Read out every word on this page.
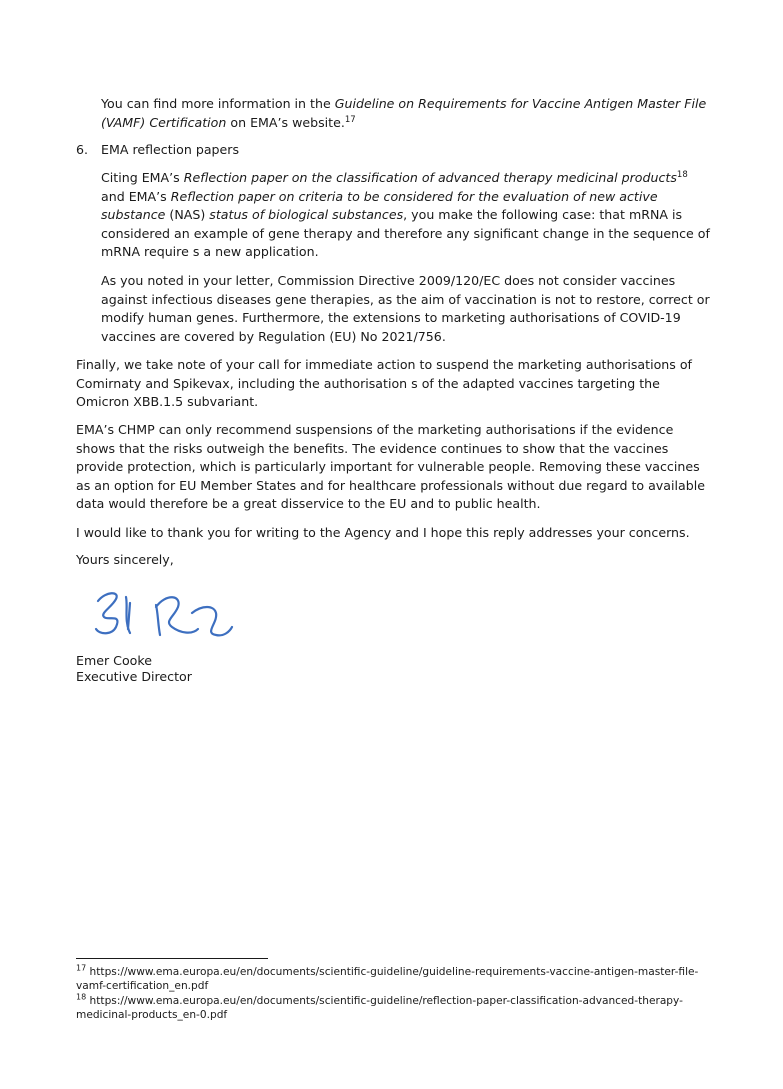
You can find more information in the Guideline on Requirements for Vaccine Antigen Master File (VAMF) Certification on EMA’s website.$^{17}$

6. EMA reflection papers

Citing EMA’s Reflection paper on the classification of advanced therapy medicinal products$^{18}$ and EMA’s Reflection paper on criteria to be considered for the evaluation of new active substance (NAS) status of biological substances, you make the following case: that mRNA is considered an example of gene therapy and therefore any significant change in the sequence of mRNA require s a new application.

As you noted in your letter, Commission Directive 2009/120/EC does not consider vaccines against infectious diseases gene therapies, as the aim of vaccination is not to restore, correct or modify human genes. Furthermore, the extensions to marketing authorisations of COVID-19 vaccines are covered by Regulation (EU) No 2021/756.

Finally, we take note of your call for immediate action to suspend the marketing authorisations of Comirnaty and Spikevax, including the authorisation s of the adapted vaccines targeting the Omicron XBB.1.5 subvariant.

EMA’s CHMP can only recommend suspensions of the marketing authorisations if the evidence shows that the risks outweigh the benefits. The evidence continues to show that the vaccines provide protection, which is particularly important for vulnerable people. Removing these vaccines as an option for EU Member States and for healthcare professionals without due regard to available data would therefore be a great disservice to the EU and to public health.

I would like to thank you for writing to the Agency and I hope this reply addresses your concerns.

Yours sincerely,

Emer Cooke
Executive Director

$^{17}$ https://www.ema.europa.eu/en/documents/scientific-guideline/guideline-requirements-vaccine-antigen-master-file-vamf-certification_en.pdf

$^{18}$ https://www.ema.europa.eu/en/documents/scientific-guideline/reflection-paper-classification-advanced-therapy-medicinal-products_en-0.pdf
